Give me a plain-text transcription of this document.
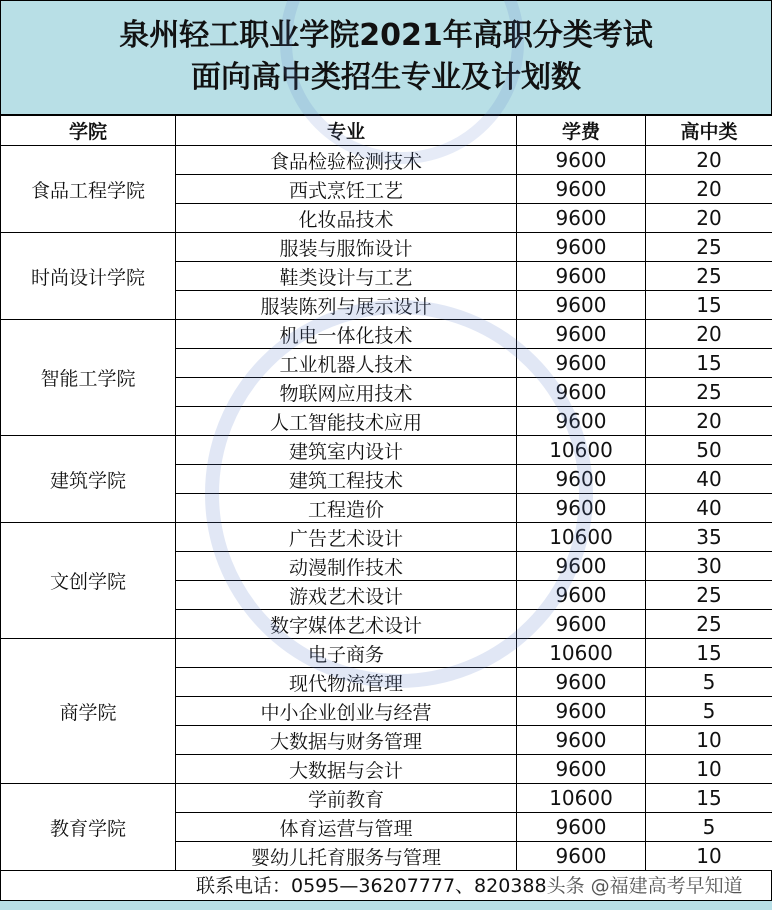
泉州轻工职业学院2021年高职分类考试
面向高中类招生专业及计划数
学院	专业	学费	高中类
食品工程学院	食品检验检测技术	9600	20
	西式烹饪工艺	9600	20
	化妆品技术	9600	20
时尚设计学院	服装与服饰设计	9600	25
	鞋类设计与工艺	9600	25
	服装陈列与展示设计	9600	15
智能工学院	机电一体化技术	9600	20
	工业机器人技术	9600	15
	物联网应用技术	9600	25
	人工智能技术应用	9600	20
建筑学院	建筑室内设计	10600	50
	建筑工程技术	9600	40
	工程造价	9600	40
文创学院	广告艺术设计	10600	35
	动漫制作技术	9600	30
	游戏艺术设计	9600	25
	数字媒体艺术设计	9600	25
商学院	电子商务	10600	15
	现代物流管理	9600	5
	中小企业创业与经营	9600	5
	大数据与财务管理	9600	10
	大数据与会计	9600	10
教育学院	学前教育	10600	15
	体育运营与管理	9600	5
	婴幼儿托育服务与管理	9600	10
联系电话：0595—36207777、820388头条 @福建高考早知道
